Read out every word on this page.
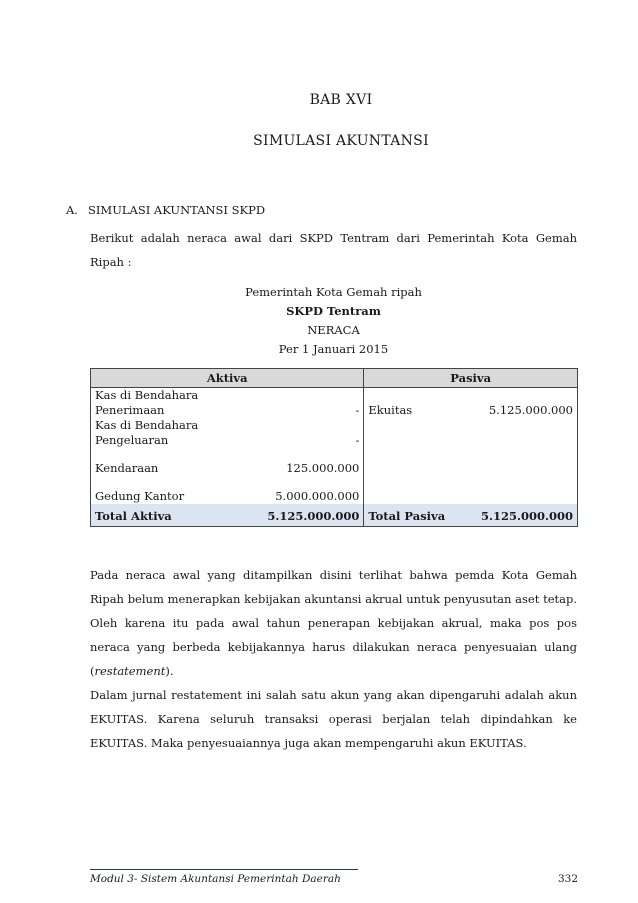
BAB XVI
SIMULASI AKUNTANSI
A. SIMULASI AKUNTANSI SKPD
Berikut adalah neraca awal dari SKPD Tentram dari Pemerintah Kota Gemah Ripah :
Pemerintah Kota Gemah ripah
SKPD Tentram
NERACA
Per 1 Januari 2015
Aktiva		Pasiva	
Kas di Bendahara
Penerimaan	-	Ekuitas	5.125.000.000
Kas di Bendahara
Pengeluaran	-		
Kendaraan	125.000.000		
Gedung Kantor	5.000.000.000		
Total Aktiva	5.125.000.000	Total Pasiva	5.125.000.000
Pada neraca awal yang ditampilkan disini terlihat bahwa pemda Kota Gemah Ripah belum menerapkan kebijakan akuntansi akrual untuk penyusutan aset tetap. Oleh karena itu pada awal tahun penerapan kebijakan akrual, maka pos pos neraca yang berbeda kebijakannya harus dilakukan neraca penyesuaian ulang (restatement).
Dalam jurnal restatement ini salah satu akun yang akan dipengaruhi adalah akun EKUITAS. Karena seluruh transaksi operasi berjalan telah dipindahkan ke EKUITAS. Maka penyesuaiannya juga akan mempengaruhi akun EKUITAS.
Modul 3- Sistem Akuntansi Pemerintah Daerah	332
